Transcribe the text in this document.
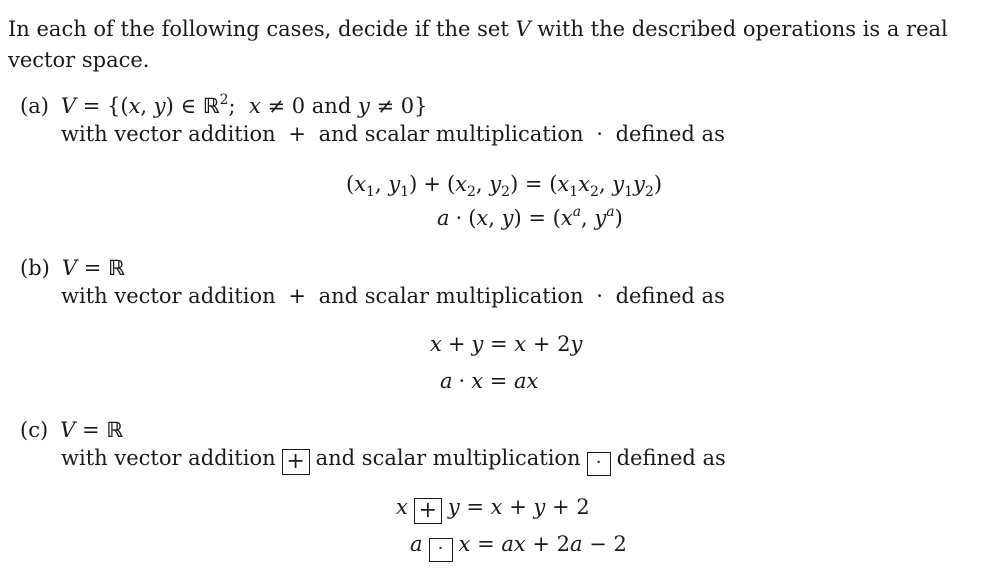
In each of the following cases, decide if the set V with the described operations is a real vector space.
(a) V = {(x, y) ∈ ℝ$^2$;  x ≠ 0 and y ≠ 0}
with vector addition + and scalar multiplication · defined as
($x_1$, $y_1) + (x_2$, $y_2) = (x_1x_2$, $y_1y_2$)
a · (x, $y) = (x^a$, $y^a$)
(b) V = ℝ
with vector addition + and scalar multiplication · defined as
x + y = x + 2y
a · x = ax
(c) V = ℝ
with vector addition + and scalar multiplication · defined as
x + y = x + y + 2
a · x = ax + 2a − 2
